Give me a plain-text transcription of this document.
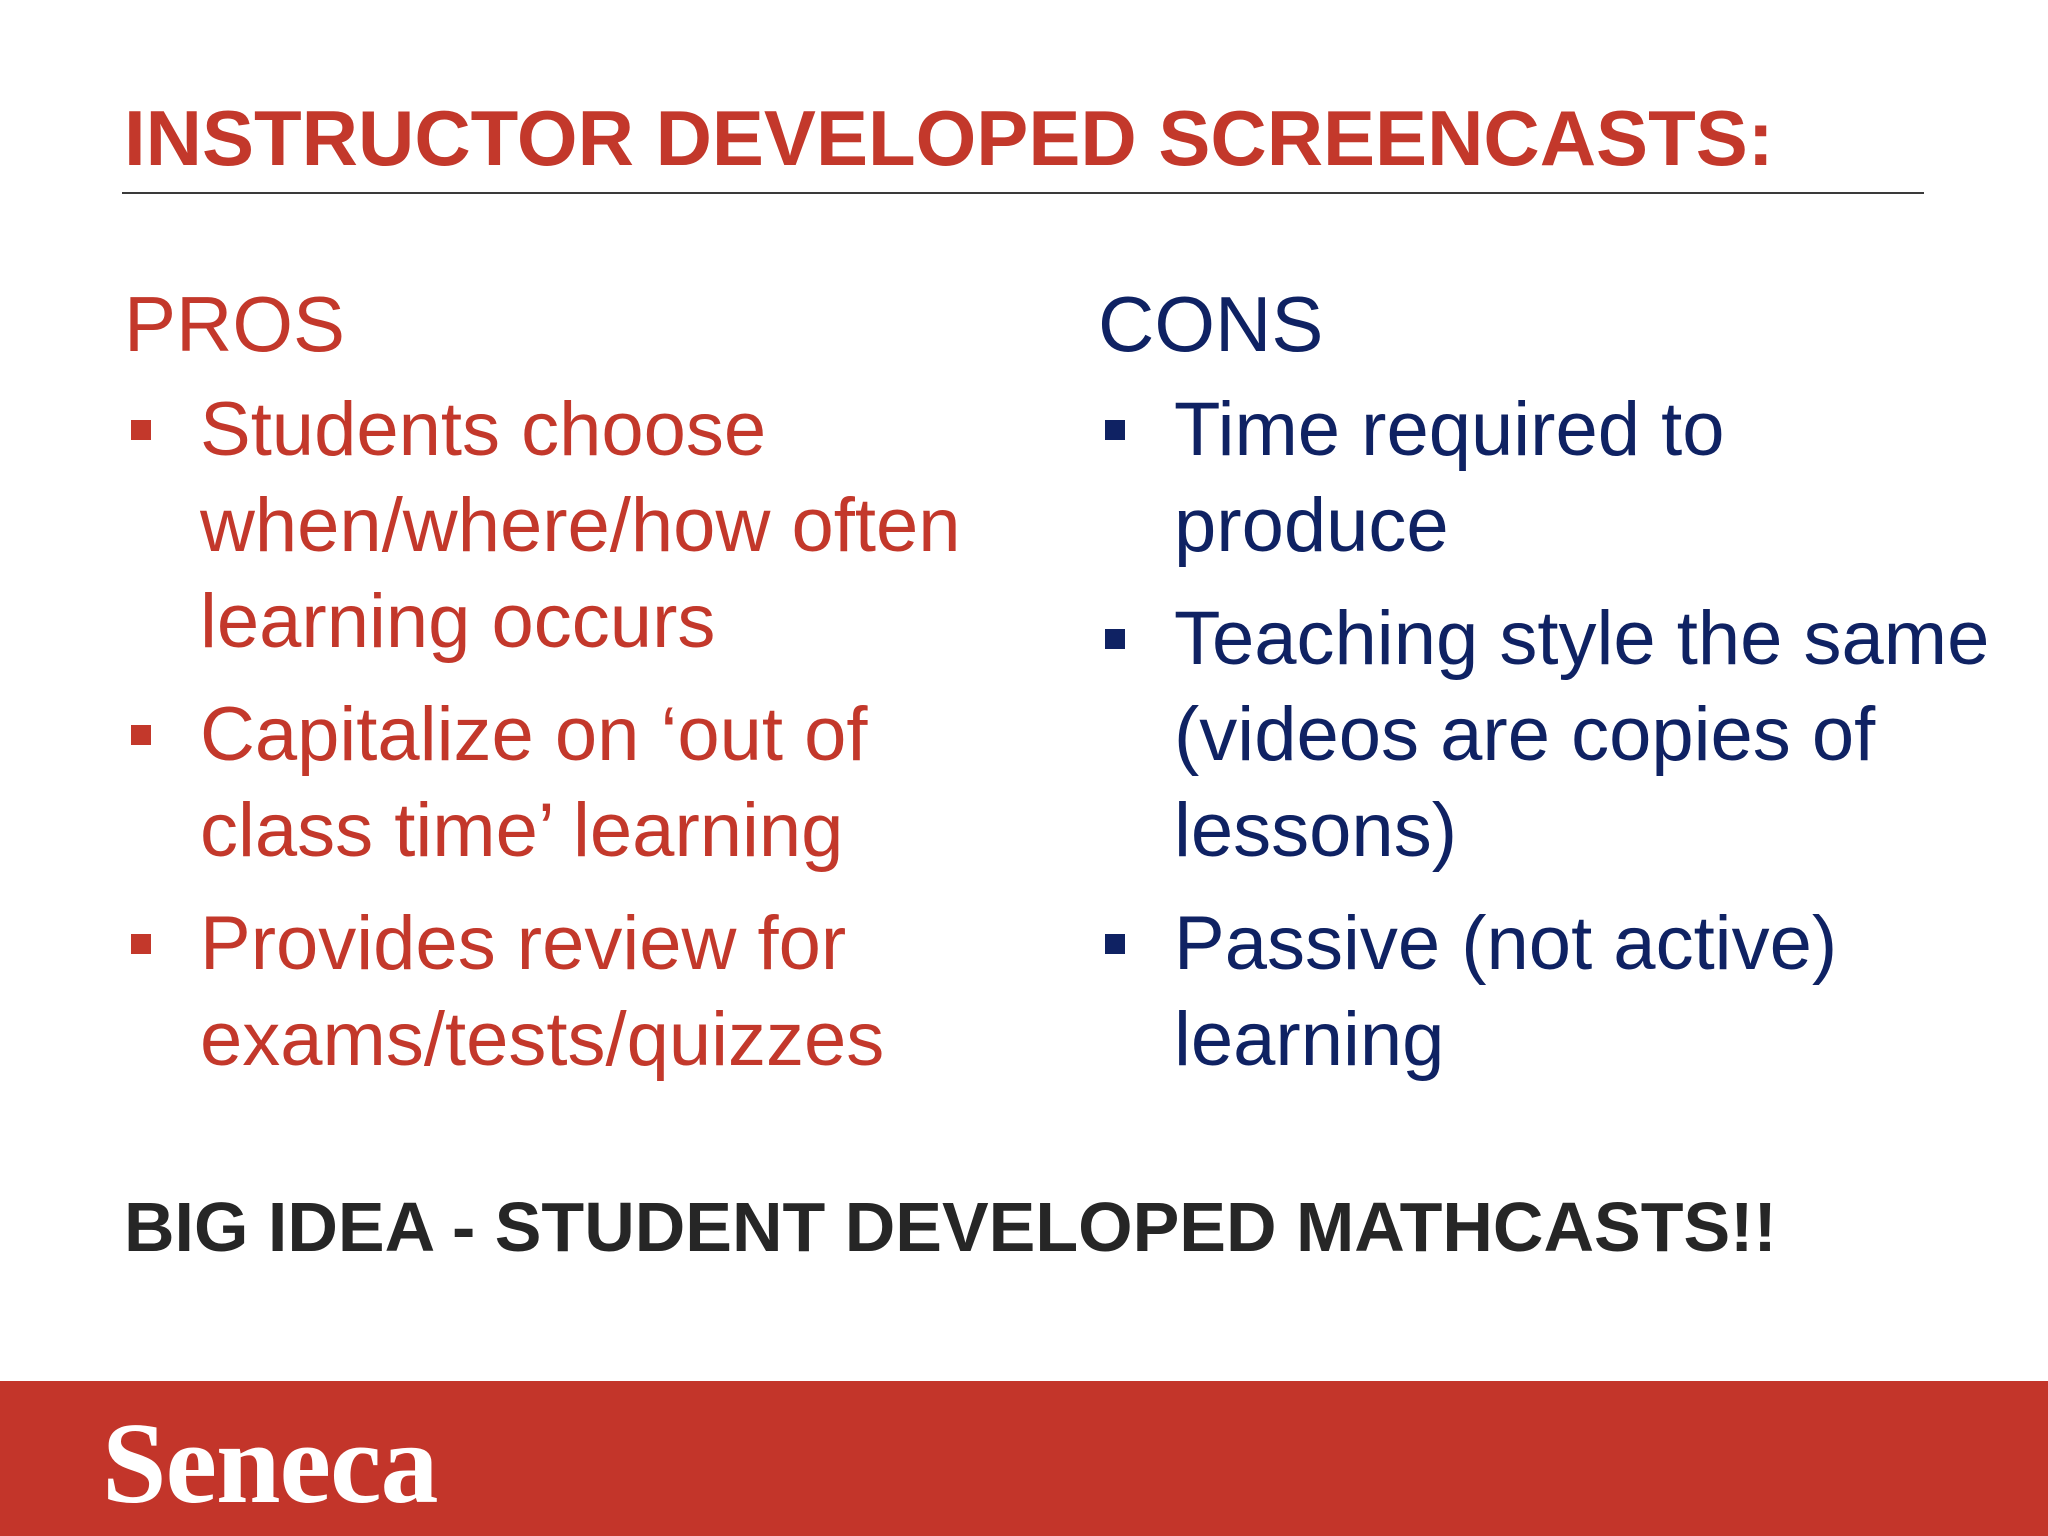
INSTRUCTOR DEVELOPED SCREENCASTS:
PROS
Students choose when/where/how often learning occurs
Capitalize on ‘out of class time’ learning
Provides review for exams/tests/quizzes
CONS
Time required to produce
Teaching style the same (videos are copies of lessons)
Passive (not active) learning

BIG IDEA - STUDENT DEVELOPED MATHCASTS!!

Seneca
